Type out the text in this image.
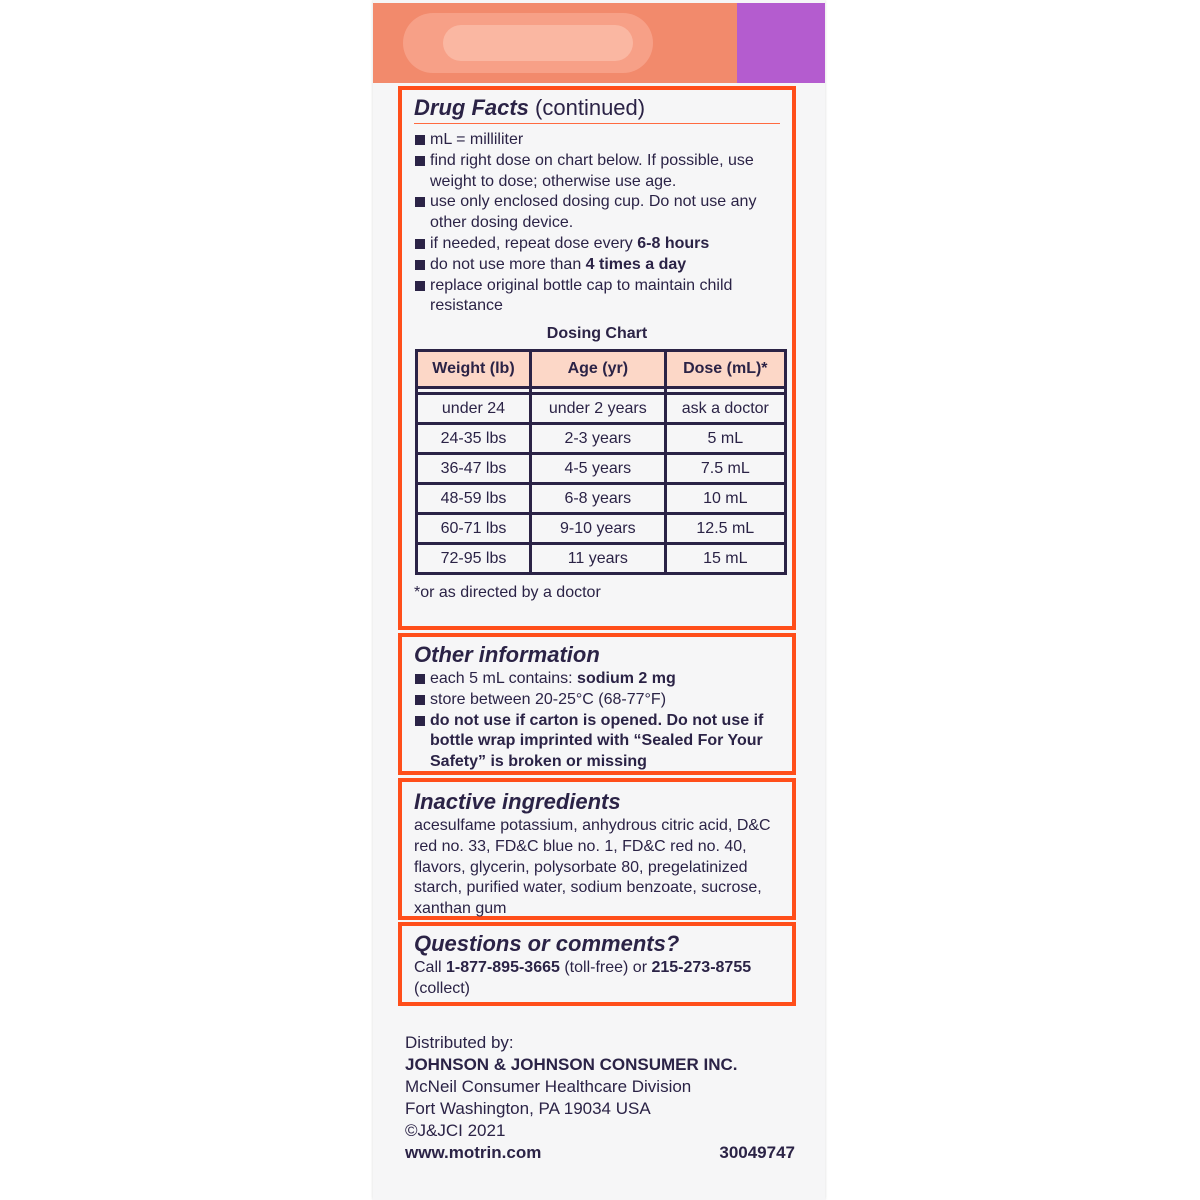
Drug Facts (continued)
mL = milliliter
find right dose on chart below. If possible, use weight to dose; otherwise use age.
use only enclosed dosing cup. Do not use any other dosing device.
if needed, repeat dose every 6-8 hours
do not use more than 4 times a day
replace original bottle cap to maintain child resistance
Dosing Chart
Weight (lb)	Age (yr)	Dose (mL)*

under 24	under 2 years	ask a doctor
24-35 lbs	2-3 years	5 mL
36-47 lbs	4-5 years	7.5 mL
48-59 lbs	6-8 years	10 mL
60-71 lbs	9-10 years	12.5 mL
72-95 lbs	11 years	15 mL
*or as directed by a doctor
Other information
each 5 mL contains: sodium 2 mg
store between 20-25°C (68-77°F)
do not use if carton is opened. Do not use if bottle wrap imprinted with “Sealed For Your Safety” is broken or missing
Inactive ingredients
acesulfame potassium, anhydrous citric acid, D&C red no. 33, FD&C blue no. 1, FD&C red no. 40, flavors, glycerin, polysorbate 80, pregelatinized starch, purified water, sodium benzoate, sucrose, xanthan gum
Questions or comments?
Call 1-877-895-3665 (toll-free) or 215-273-8755 (collect)
Distributed by:
JOHNSON & JOHNSON CONSUMER INC.
McNeil Consumer Healthcare Division
Fort Washington, PA 19034 USA
©J&JCI 2021
www.motrin.com	30049747
